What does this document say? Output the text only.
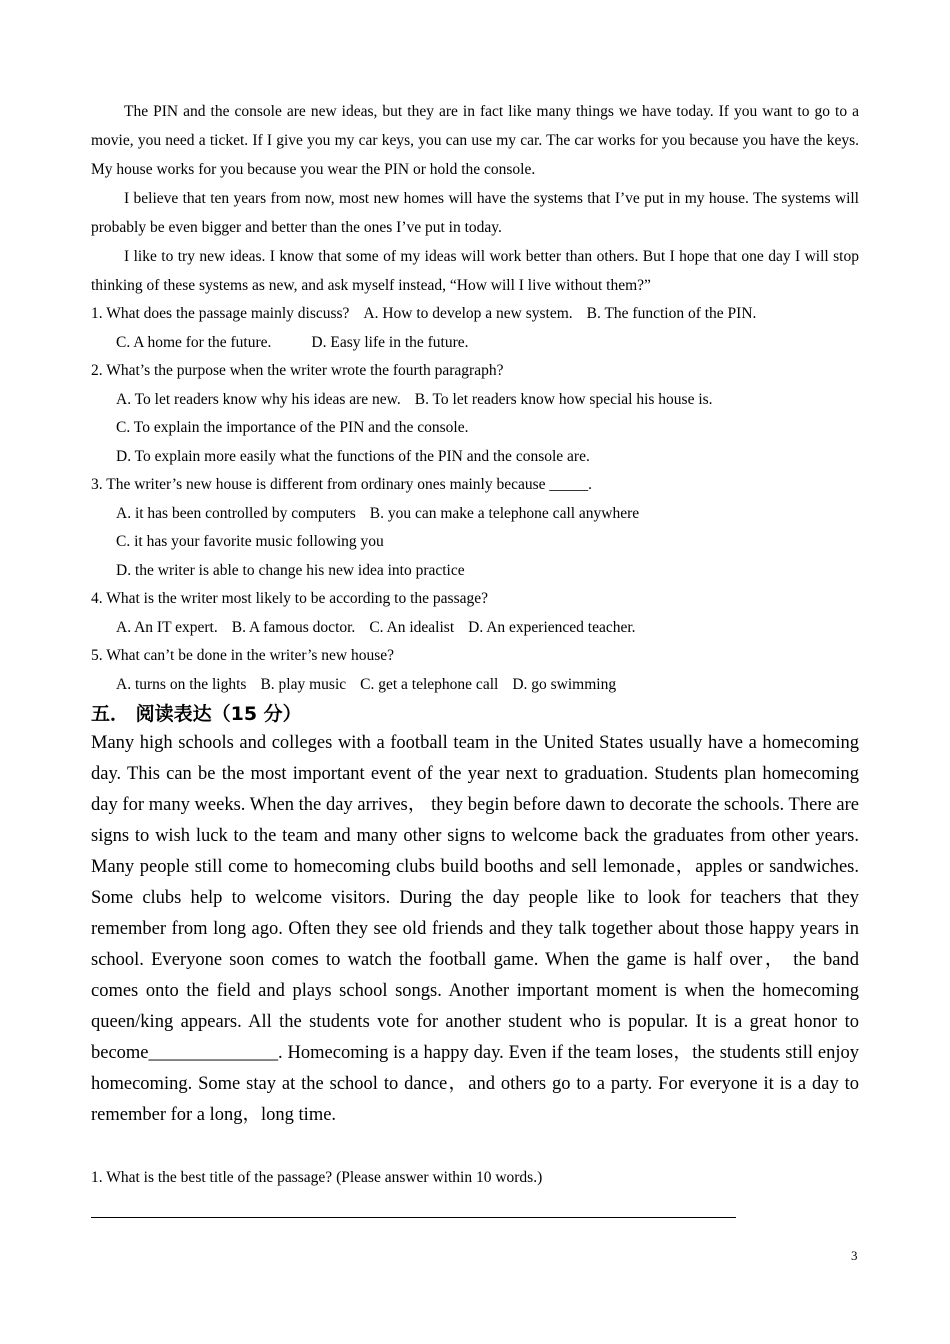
The PIN and the console are new ideas, but they are in fact like many things we have today. If you want to go to a movie, you need a ticket. If I give you my car keys, you can use my car. The car works for you because you have the keys. My house works for you because you wear the PIN or hold the console.

I believe that ten years from now, most new homes will have the systems that I’ve put in my house. The systems will probably be even bigger and better than the ones I’ve put in today.

I like to try new ideas. I know that some of my ideas will work better than others. But I hope that one day I will stop thinking of these systems as new, and ask myself instead, “How will I live without them?”

1. What does the passage mainly discuss? A. How to develop a new system. B. The function of the PIN.

C. A home for the future.	D. Easy life in the future.

2. What’s the purpose when the writer wrote the fourth paragraph?

A. To let readers know why his ideas are new. B. To let readers know how special his house is.

C. To explain the importance of the PIN and the console.

D. To explain more easily what the functions of the PIN and the console are.

3. The writer’s new house is different from ordinary ones mainly because _____.

A. it has been controlled by computers B. you can make a telephone call anywhere

C. it has your favorite music following you

D. the writer is able to change his new idea into practice

4. What is the writer most likely to be according to the passage?

A. An IT expert. B. A famous doctor. C. An idealist D. An experienced teacher.

5. What can’t be done in the writer’s new house?

A. turns on the lights B. play music C. get a telephone call D. go swimming

五． 阅读表达（15 分）

Many high schools and colleges with a football team in the United States usually have a homecoming day. This can be the most important event of the year next to graduation. Students plan homecoming day for many weeks. When the day arrives， they begin before dawn to decorate the schools. There are signs to wish luck to the team and many other signs to welcome back the graduates from other years. Many people still come to homecoming clubs build booths and sell lemonade，apples or sandwiches. Some clubs help to welcome visitors. During the day people like to look for teachers that they remember from long ago. Often they see old friends and they talk together about those happy years in school. Everyone soon comes to watch the football game. When the game is half over， the band comes onto the field and plays school songs. Another important moment is when the homecoming queen/king appears. All the students vote for another student who is popular. It is a great honor to become______________. Homecoming is a happy day. Even if the team loses，the students still enjoy homecoming. Some stay at the school to dance，and others go to a party. For everyone it is a day to remember for a long，long time.

1. What is the best title of the passage? (Please answer within 10 words.)

3
